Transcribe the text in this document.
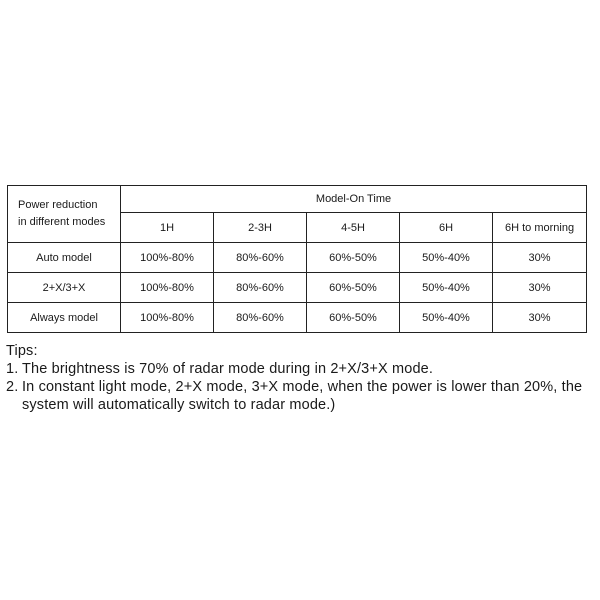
Power reduction
in different modes	Model-On Time				
	1H	2-3H	4-5H	6H	6H to morning
Auto model	100%-80%	80%-60%	60%-50%	50%-40%	30%
2+X/3+X	100%-80%	80%-60%	60%-50%	50%-40%	30%
Always model	100%-80%	80%-60%	60%-50%	50%-40%	30%
Tips:
1. The brightness is 70% of radar mode during in 2+X/3+X mode.
2. In constant light mode, 2+X mode, 3+X mode, when the power is lower than 20%, the system will automatically switch to radar mode.)
